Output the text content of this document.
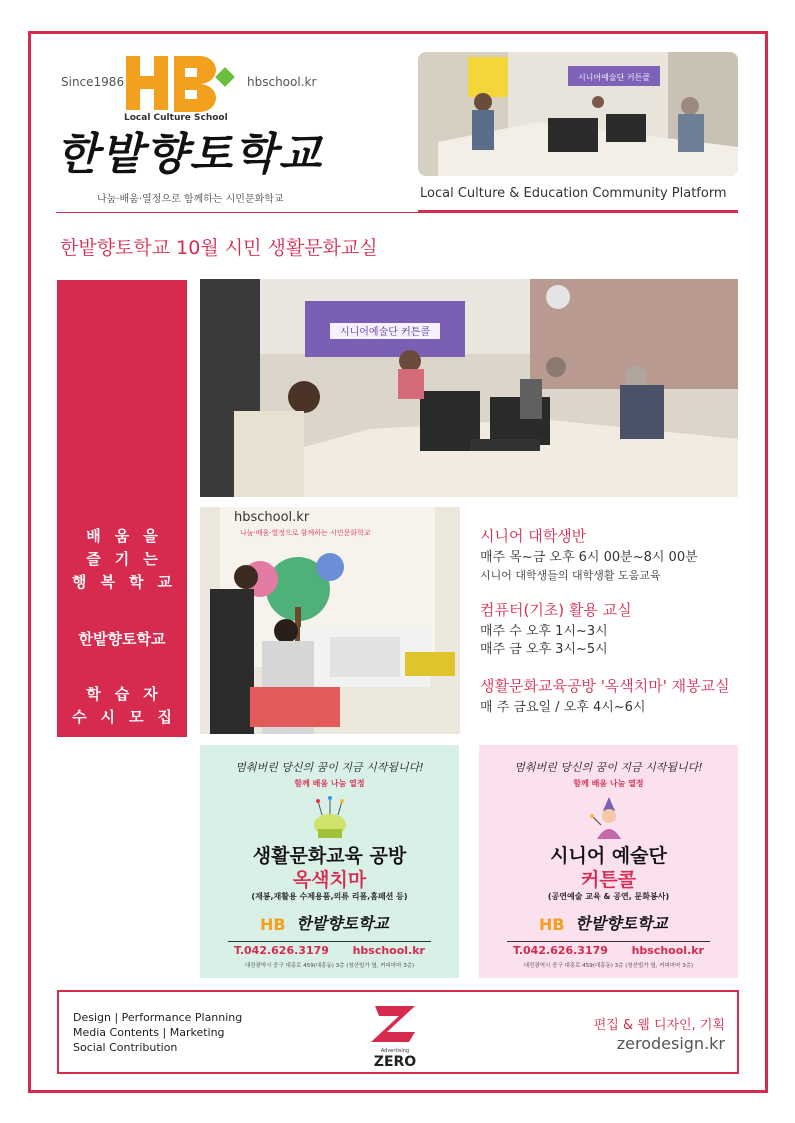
Since1986	hbschool.kr
Local Culture School
한밭향토학교
나눔·배움·열정으로 함께하는 시민문화학교
시니어예술단 커튼콜
Local Culture & Education Community Platform
한밭향토학교 10월 시민 생활문화교실
배움을
즐기는
행복학교
한밭향토학교
학습자
수시모집
시니어예술단 커튼콜
hbschool.kr
나눔·배움·열정으로 함께하는 시민문화학교	시니어 대학생반
매주 목~금 오후 6시 00분~8시 00분
시니어 대학생들의 대학생활 도움교육
컴퓨터(기초) 활용 교실
매주 수 오후 1시~3시
매주 금 오후 3시~5시
생활문화교육공방 '옥색치마' 재봉교실
매 주 금요일 / 오후 4시~6시
멈춰버린 당신의 꿈이 지금 시작됩니다!
함께 배움 나눔 열정
생활문화교육 공방
옥색치마
(재봉,재활용 수제용품,의류 리폼,홈패션 등)
HB 한밭향토학교
T.042.626.3179 hbschool.kr
대전광역시 중구 대흥로 459(대흥동) 3층 (청산빌가 옆, 커피마마 3층)
멈춰버린 당신의 꿈이 지금 시작됩니다!
함께 배움 나눔 열정
시니어 예술단
커튼콜
(공연예술 교육 & 공연, 문화봉사)
HB 한밭향토학교
T.042.626.3179 hbschool.kr
대전광역시 중구 대흥로 459(대흥동) 3층 (청산빌가 옆, 커피마마 3층)
Design | Performance Planning
Media Contents | Marketing
Social Contribution	Advertising
ZERO
편집 & 웹 디자인, 기획
zerodesign.kr
